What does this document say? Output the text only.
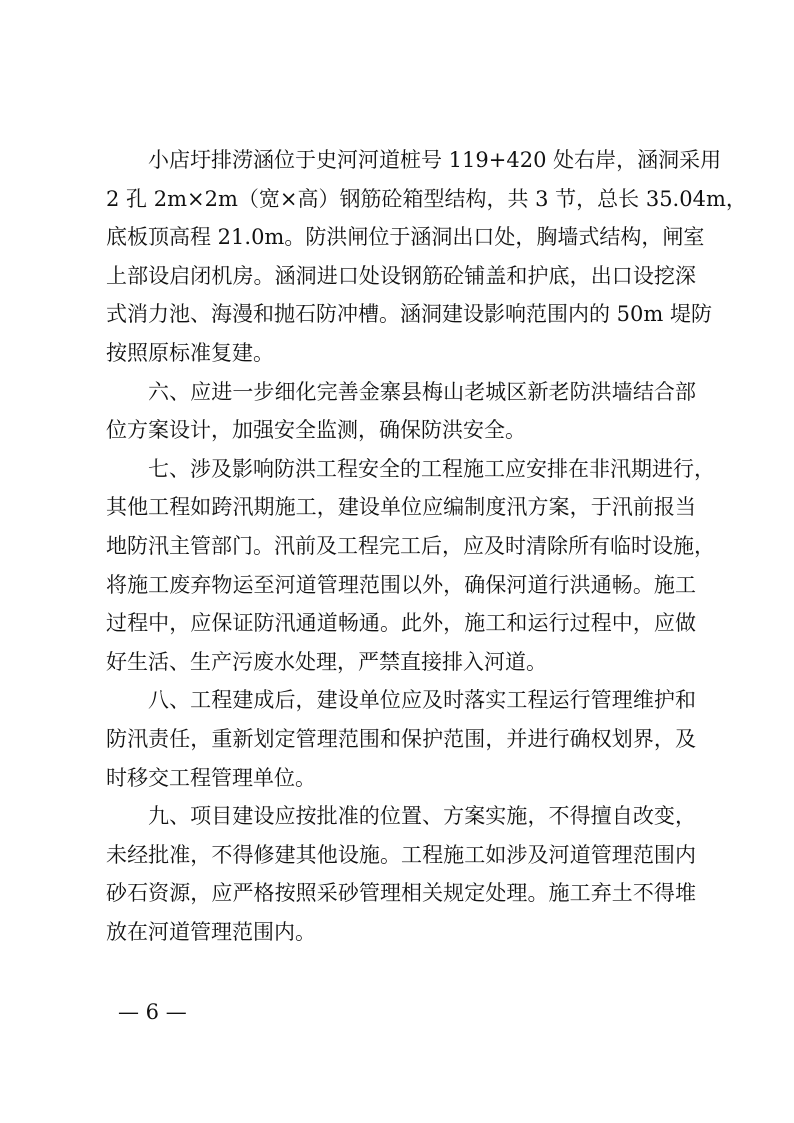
小店圩排涝涵位于史河河道桩号 119+420 处右岸，涵洞采用
2 孔 2m×2m（宽×高）钢筋砼箱型结构，共 3 节，总长 35.04m，
底板顶高程 21.0m。防洪闸位于涵洞出口处，胸墙式结构，闸室
上部设启闭机房。涵洞进口处设钢筋砼铺盖和护底，出口设挖深
式消力池、海漫和抛石防冲槽。涵洞建设影响范围内的 50m 堤防
按照原标准复建。
六、应进一步细化完善金寨县梅山老城区新老防洪墙结合部
位方案设计，加强安全监测，确保防洪安全。
七、涉及影响防洪工程安全的工程施工应安排在非汛期进行，
其他工程如跨汛期施工，建设单位应编制度汛方案，于汛前报当
地防汛主管部门。汛前及工程完工后，应及时清除所有临时设施，
将施工废弃物运至河道管理范围以外，确保河道行洪通畅。施工
过程中，应保证防汛通道畅通。此外，施工和运行过程中，应做
好生活、生产污废水处理，严禁直接排入河道。
八、工程建成后，建设单位应及时落实工程运行管理维护和
防汛责任，重新划定管理范围和保护范围，并进行确权划界，及
时移交工程管理单位。
九、项目建设应按批准的位置、方案实施，不得擅自改变，
未经批准，不得修建其他设施。工程施工如涉及河道管理范围内
砂石资源，应严格按照采砂管理相关规定处理。施工弃土不得堆
放在河道管理范围内。
— 6 —
